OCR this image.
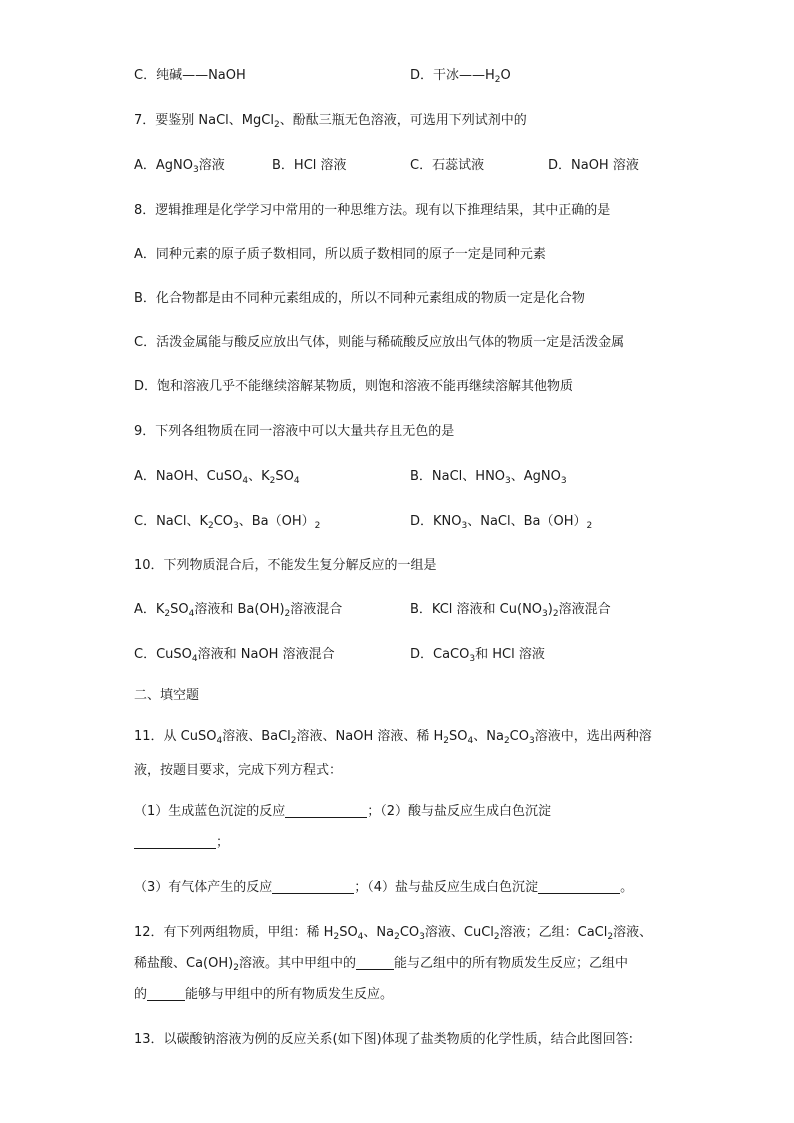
C．纯碱——NaOH	D．干冰$——H_2O$
7．要鉴别 NaCl、MgCl$_2$、酚酞三瓶无色溶液，可选用下列试剂中的
A．AgNO$_3$溶液	B．HCl 溶液	C．石蕊试液	D．NaOH 溶液
8．逻辑推理是化学学习中常用的一种思维方法。现有以下推理结果，其中正确的是
A．同种元素的原子质子数相同，所以质子数相同的原子一定是同种元素
B．化合物都是由不同种元素组成的，所以不同种元素组成的物质一定是化合物
C．活泼金属能与酸反应放出气体，则能与稀硫酸反应放出气体的物质一定是活泼金属
D．饱和溶液几乎不能继续溶解某物质，则饱和溶液不能再继续溶解其他物质
9．下列各组物质在同一溶液中可以大量共存且无色的是
A．NaOH、CuSO$_4$、$K_2SO_4$	B．NaCl、$HNO_3$、AgNO$_3$
C．NaCl、$K_2CO_3$、$Ba(OH)_2$	D．$KNO_3$、NaCl、$Ba(OH)_2$
10．下列物质混合后，不能发生复分解反应的一组是
A．$K_2SO_4$溶液和 $Ba(OH)_2$溶液混合	B．KCl 溶液和 $Cu(NO_3)_2$溶液混合
C．CuSO$_4$溶液和 NaOH 溶液混合	D．CaCO$_3$和 HCl 溶液
二、填空题
11．从 CuSO$_4$溶液、BaCl$_2$溶液、NaOH 溶液、稀 $H_2SO_4$、$Na_2CO_3$溶液中，选出两种溶
液，按题目要求，完成下列方程式：
（1）生成蓝色沉淀的反应	；（2）酸与盐反应生成白色沉淀
；
（3）有气体产生的反应	；（4）盐与盐反应生成白色沉淀	。
12．有下列两组物质，甲组：稀 $H_2SO_4$、$Na_2CO_3$溶液、CuCl$_2$溶液；乙组：CaCl$_2$溶液、
稀盐酸、$Ca(OH)_2$溶液。其中甲组中的	能与乙组中的所有物质发生反应；乙组中
的	能够与甲组中的所有物质发生反应。
13．以碳酸钠溶液为例的反应关系(如下图)体现了盐类物质的化学性质，结合此图回答:
